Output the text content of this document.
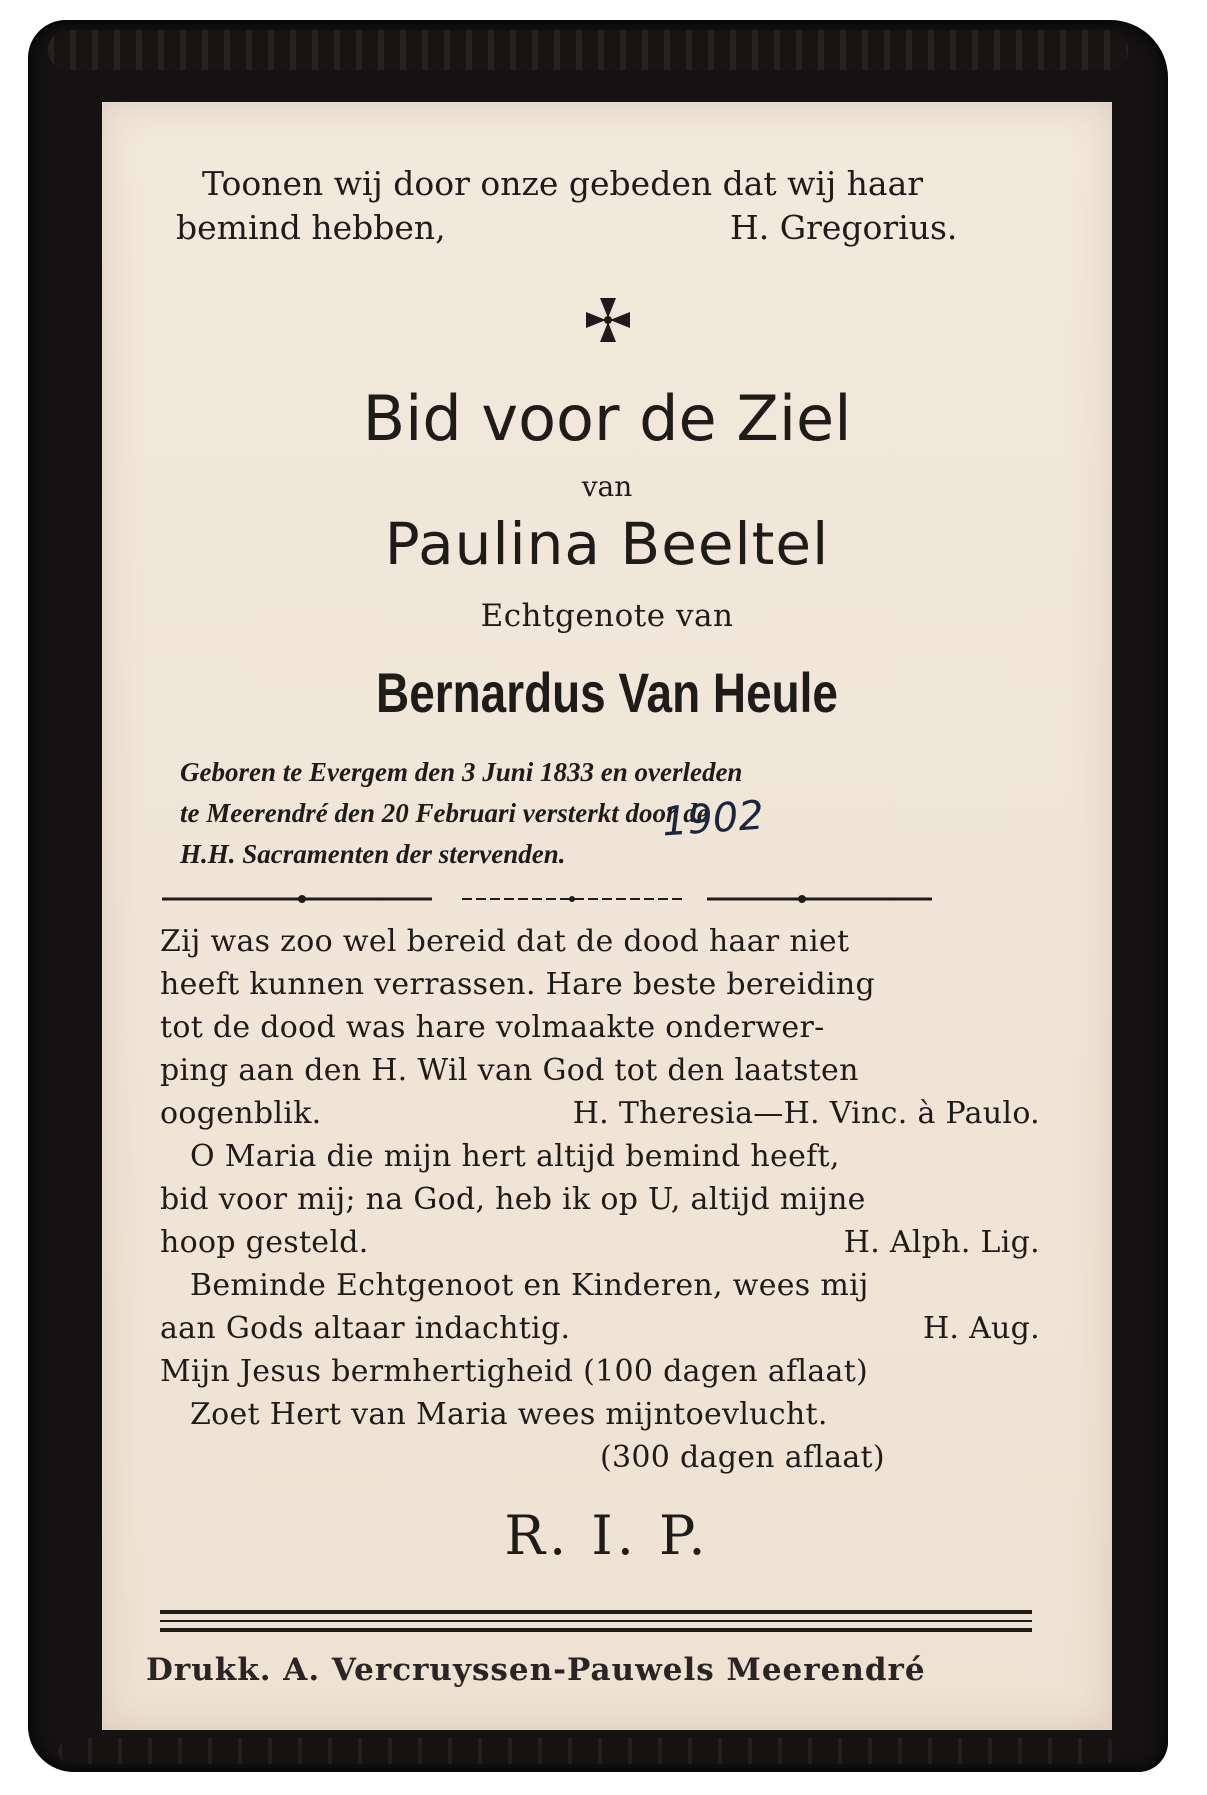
Toonen wij door onze gebeden dat wij haar
bemind hebben,	H. Gregorius.
Bid voor de Ziel
van
Paulina Beeltel
Echtgenote van
Bernardus Van Heule
Geboren te Evergem den 3 Juni 1833 en overleden
te Meerendré den 20 Februari versterkt door de
H.H. Sacramenten der stervenden.
1902
Zij was zoo wel bereid dat de dood haar niet
heeft kunnen verrassen. Hare beste bereiding
tot de dood was hare volmaakte onderwer-
ping aan den H. Wil van God tot den laatsten
oogenblik.	H. Theresia—H. Vinc. à Paulo.
O Maria die mijn hert altijd bemind heeft,
bid voor mij; na God, heb ik op U, altijd mijne
hoop gesteld.	H. Alph. Lig.
Beminde Echtgenoot en Kinderen, wees mij
aan Gods altaar indachtig.	H. Aug.
Mijn Jesus bermhertigheid (100 dagen aflaat)
Zoet Hert van Maria wees mijntoevlucht.
(300 dagen aflaat)
R. I. P.
Drukk. A. Vercruyssen-Pauwels Meerendré
